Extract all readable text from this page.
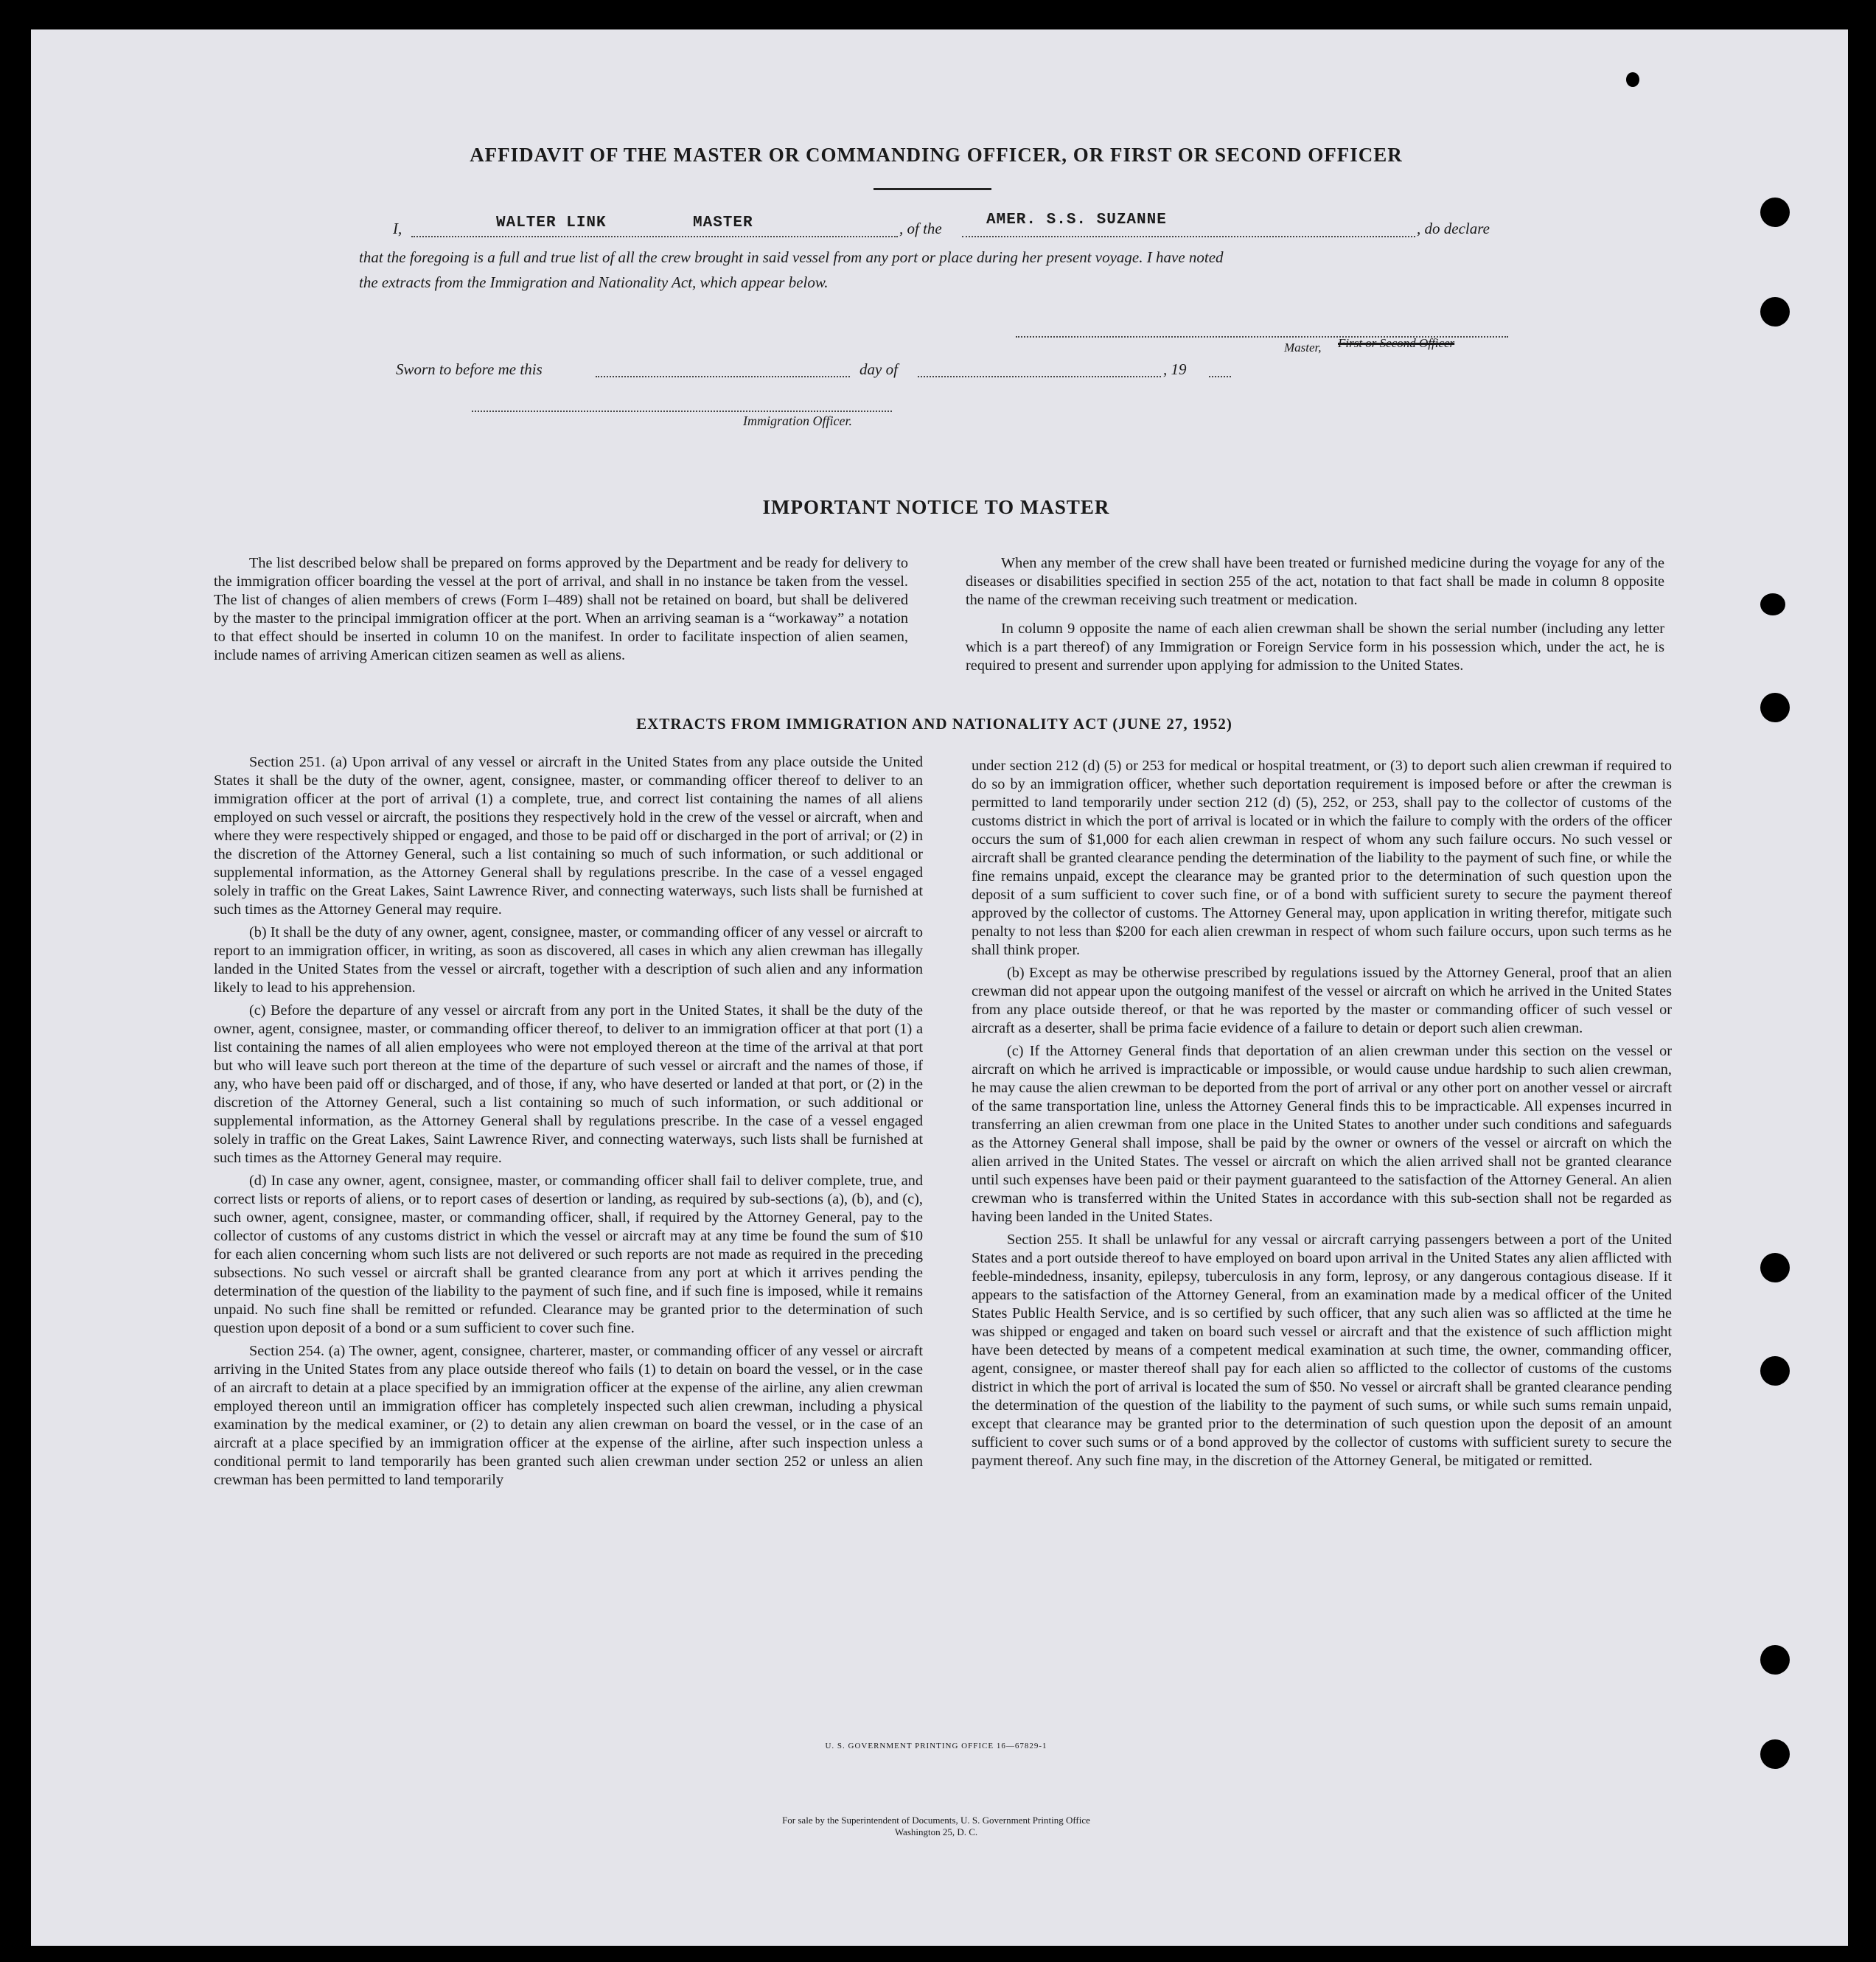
AFFIDAVIT OF THE MASTER OR COMMANDING OFFICER, OR FIRST OR SECOND OFFICER
I,	WALTER LINK	MASTER	, of the	AMER. S.S. SUZANNE	, do declare
that the foregoing is a full and true list of all the crew brought in said vessel from any port or place during her present voyage. I have noted
the extracts from the Immigration and Nationality Act, which appear below.
Master, First or Second Officer
Sworn to before me this	day of	, 19
Immigration Officer.
IMPORTANT NOTICE TO MASTER

The list described below shall be prepared on forms approved by the Department and be ready for delivery to the immigration officer boarding the vessel at the port of arrival, and shall in no instance be taken from the vessel. The list of changes of alien members of crews (Form I–489) shall not be retained on board, but shall be delivered by the master to the principal immigration officer at the port. When an arriving seaman is a “workaway” a notation to that effect should be inserted in column 10 on the manifest. In order to facilitate inspection of alien seamen, include names of arriving American citizen seamen as well as aliens.

When any member of the crew shall have been treated or furnished medicine during the voyage for any of the diseases or disabilities specified in section 255 of the act, notation to that fact shall be made in column 8 opposite the name of the crewman receiving such treatment or medication.

In column 9 opposite the name of each alien crewman shall be shown the serial number (including any letter which is a part thereof) of any Immigration or Foreign Service form in his possession which, under the act, he is required to present and surrender upon applying for admission to the United States.

EXTRACTS FROM IMMIGRATION AND NATIONALITY ACT (JUNE 27, 1952)

Section 251. (a) Upon arrival of any vessel or aircraft in the United States from any place outside the United States it shall be the duty of the owner, agent, consignee, master, or commanding officer thereof to deliver to an immigration officer at the port of arrival (1) a complete, true, and correct list containing the names of all aliens employed on such vessel or aircraft, the positions they respectively hold in the crew of the vessel or aircraft, when and where they were respectively shipped or engaged, and those to be paid off or discharged in the port of arrival; or (2) in the discretion of the Attorney General, such a list containing so much of such information, or such additional or supplemental information, as the Attorney General shall by regulations prescribe. In the case of a vessel engaged solely in traffic on the Great Lakes, Saint Lawrence River, and connecting waterways, such lists shall be furnished at such times as the Attorney General may require.

(b) It shall be the duty of any owner, agent, consignee, master, or commanding officer of any vessel or aircraft to report to an immigration officer, in writing, as soon as discovered, all cases in which any alien crewman has illegally landed in the United States from the vessel or aircraft, together with a description of such alien and any information likely to lead to his apprehension.

(c) Before the departure of any vessel or aircraft from any port in the United States, it shall be the duty of the owner, agent, consignee, master, or commanding officer thereof, to deliver to an immigration officer at that port (1) a list containing the names of all alien employees who were not employed thereon at the time of the arrival at that port but who will leave such port thereon at the time of the departure of such vessel or aircraft and the names of those, if any, who have been paid off or discharged, and of those, if any, who have deserted or landed at that port, or (2) in the discretion of the Attorney General, such a list containing so much of such information, or such additional or supplemental information, as the Attorney General shall by regulations prescribe. In the case of a vessel engaged solely in traffic on the Great Lakes, Saint Lawrence River, and connecting waterways, such lists shall be furnished at such times as the Attorney General may require.

(d) In case any owner, agent, consignee, master, or commanding officer shall fail to deliver complete, true, and correct lists or reports of aliens, or to report cases of desertion or landing, as required by sub-sections (a), (b), and (c), such owner, agent, consignee, master, or commanding officer, shall, if required by the Attorney General, pay to the collector of customs of any customs district in which the vessel or aircraft may at any time be found the sum of $10 for each alien concerning whom such lists are not delivered or such reports are not made as required in the preceding subsections. No such vessel or aircraft shall be granted clearance from any port at which it arrives pending the determination of the question of the liability to the payment of such fine, and if such fine is imposed, while it remains unpaid. No such fine shall be remitted or refunded. Clearance may be granted prior to the determination of such question upon deposit of a bond or a sum sufficient to cover such fine.

Section 254. (a) The owner, agent, consignee, charterer, master, or commanding officer of any vessel or aircraft arriving in the United States from any place outside thereof who fails (1) to detain on board the vessel, or in the case of an aircraft to detain at a place specified by an immigration officer at the expense of the airline, any alien crewman employed thereon until an immigration officer has completely inspected such alien crewman, including a physical examination by the medical examiner, or (2) to detain any alien crewman on board the vessel, or in the case of an aircraft at a place specified by an immigration officer at the expense of the airline, after such inspection unless a conditional permit to land temporarily has been granted such alien crewman under section 252 or unless an alien crewman has been permitted to land temporarily

under section 212 (d) (5) or 253 for medical or hospital treatment, or (3) to deport such alien crewman if required to do so by an immigration officer, whether such deportation requirement is imposed before or after the crewman is permitted to land temporarily under section 212 (d) (5), 252, or 253, shall pay to the collector of customs of the customs district in which the port of arrival is located or in which the failure to comply with the orders of the officer occurs the sum of $1,000 for each alien crewman in respect of whom any such failure occurs. No such vessel or aircraft shall be granted clearance pending the determination of the liability to the payment of such fine, or while the fine remains unpaid, except the clearance may be granted prior to the determination of such question upon the deposit of a sum sufficient to cover such fine, or of a bond with sufficient surety to secure the payment thereof approved by the collector of customs. The Attorney General may, upon application in writing therefor, mitigate such penalty to not less than $200 for each alien crewman in respect of whom such failure occurs, upon such terms as he shall think proper.

(b) Except as may be otherwise prescribed by regulations issued by the Attorney General, proof that an alien crewman did not appear upon the outgoing manifest of the vessel or aircraft on which he arrived in the United States from any place outside thereof, or that he was reported by the master or commanding officer of such vessel or aircraft as a deserter, shall be prima facie evidence of a failure to detain or deport such alien crewman.

(c) If the Attorney General finds that deportation of an alien crewman under this section on the vessel or aircraft on which he arrived is impracticable or impossible, or would cause undue hardship to such alien crewman, he may cause the alien crewman to be deported from the port of arrival or any other port on another vessel or aircraft of the same transportation line, unless the Attorney General finds this to be impracticable. All expenses incurred in transferring an alien crewman from one place in the United States to another under such conditions and safeguards as the Attorney General shall impose, shall be paid by the owner or owners of the vessel or aircraft on which the alien arrived in the United States. The vessel or aircraft on which the alien arrived shall not be granted clearance until such expenses have been paid or their payment guaranteed to the satisfaction of the Attorney General. An alien crewman who is transferred within the United States in accordance with this sub-section shall not be regarded as having been landed in the United States.

Section 255. It shall be unlawful for any vessal or aircraft carrying passengers between a port of the United States and a port outside thereof to have employed on board upon arrival in the United States any alien afflicted with feeble-mindedness, insanity, epilepsy, tuberculosis in any form, leprosy, or any dangerous contagious disease. If it appears to the satisfaction of the Attorney General, from an examination made by a medical officer of the United States Public Health Service, and is so certified by such officer, that any such alien was so afflicted at the time he was shipped or engaged and taken on board such vessel or aircraft and that the existence of such affliction might have been detected by means of a competent medical examination at such time, the owner, commanding officer, agent, consignee, or master thereof shall pay for each alien so afflicted to the collector of customs of the customs district in which the port of arrival is located the sum of $50. No vessel or aircraft shall be granted clearance pending the determination of the question of the liability to the payment of such sums, or while such sums remain unpaid, except that clearance may be granted prior to the determination of such question upon the deposit of an amount sufficient to cover such sums or of a bond approved by the collector of customs with sufficient surety to secure the payment thereof. Any such fine may, in the discretion of the Attorney General, be mitigated or remitted.

U. S. GOVERNMENT PRINTING OFFICE 16—67829-1
For sale by the Superintendent of Documents, U. S. Government Printing Office
Washington 25, D. C.
